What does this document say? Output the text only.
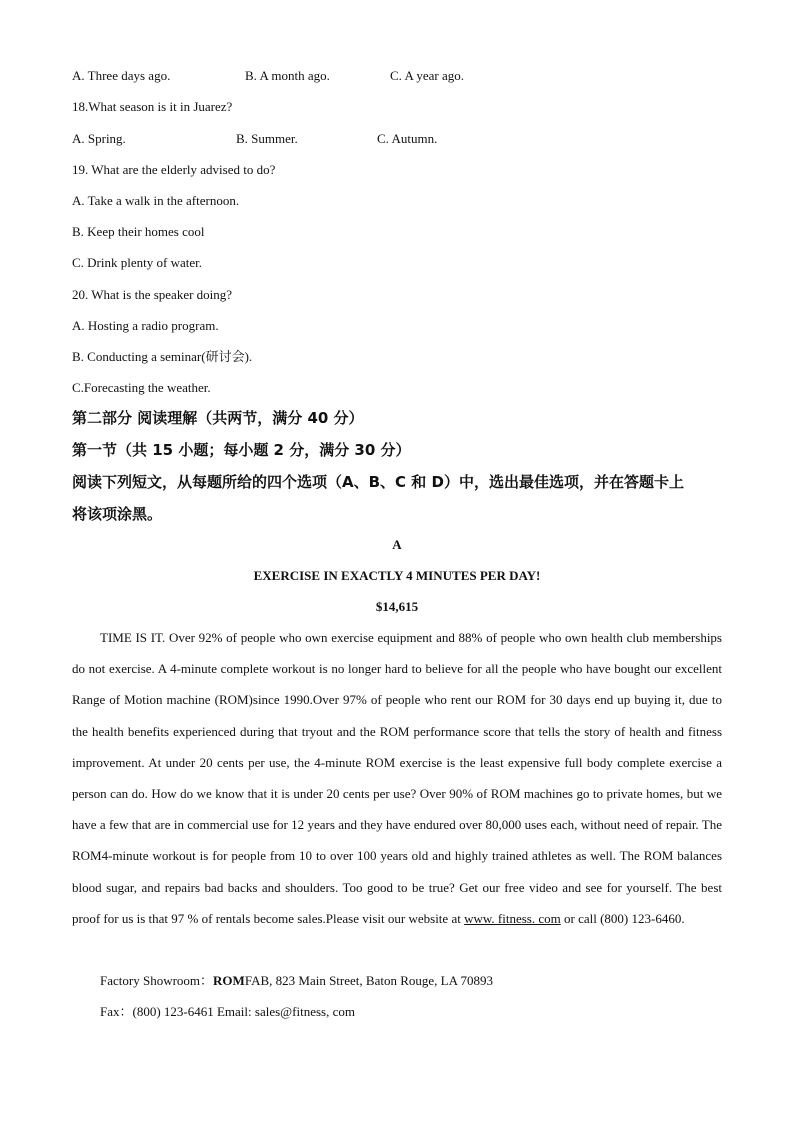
A. Three days ago.	B. A month ago.	C. A year ago.
18.What season is it in Juarez?
A. Spring.	B. Summer.	C. Autumn.
19. What are the elderly advised to do?
A. Take a walk in the afternoon.
B. Keep their homes cool
C. Drink plenty of water.
20. What is the speaker doing?
A. Hosting a radio program.
B. Conducting a seminar(研讨会).
C.Forecasting the weather.
第二部分 阅读理解（共两节，满分 40 分）
第一节（共 15 小题；每小题 2 分，满分 30 分）
阅读下列短文，从每题所给的四个选项（A、B、C 和 D）中，选出最佳选项，并在答题卡上
将该项涂黑。
A
EXERCISE IN EXACTLY 4 MINUTES PER DAY!
$14,615

TIME IS IT. Over 92% of people who own exercise equipment and 88% of people who own health club memberships do not exercise. A 4-minute complete workout is no longer hard to believe for all the people who have bought our excellent Range of Motion machine (ROM)since 1990.Over 97% of people who rent our ROM for 30 days end up buying it, due to the health benefits experienced during that tryout and the ROM performance score that tells the story of health and fitness improvement. At under 20 cents per use, the 4-minute ROM exercise is the least expensive full body complete exercise a person can do. How do we know that it is under 20 cents per use? Over 90% of ROM machines go to private homes, but we have a few that are in commercial use for 12 years and they have endured over 80,000 uses each, without need of repair. The ROM4-minute workout is for people from 10 to over 100 years old and highly trained athletes as well. The ROM balances blood sugar, and repairs bad backs and shoulders. Too good to be true? Get our free video and see for yourself. The best proof for us is that 97 % of rentals become sales.Please visit our website at www. fitness. com or call (800) 123-6460.

Factory Showroom：ROMFAB, 823 Main Street, Baton Rouge, LA 70893
Fax：(800) 123-6461 Email: sales@fitness, com
